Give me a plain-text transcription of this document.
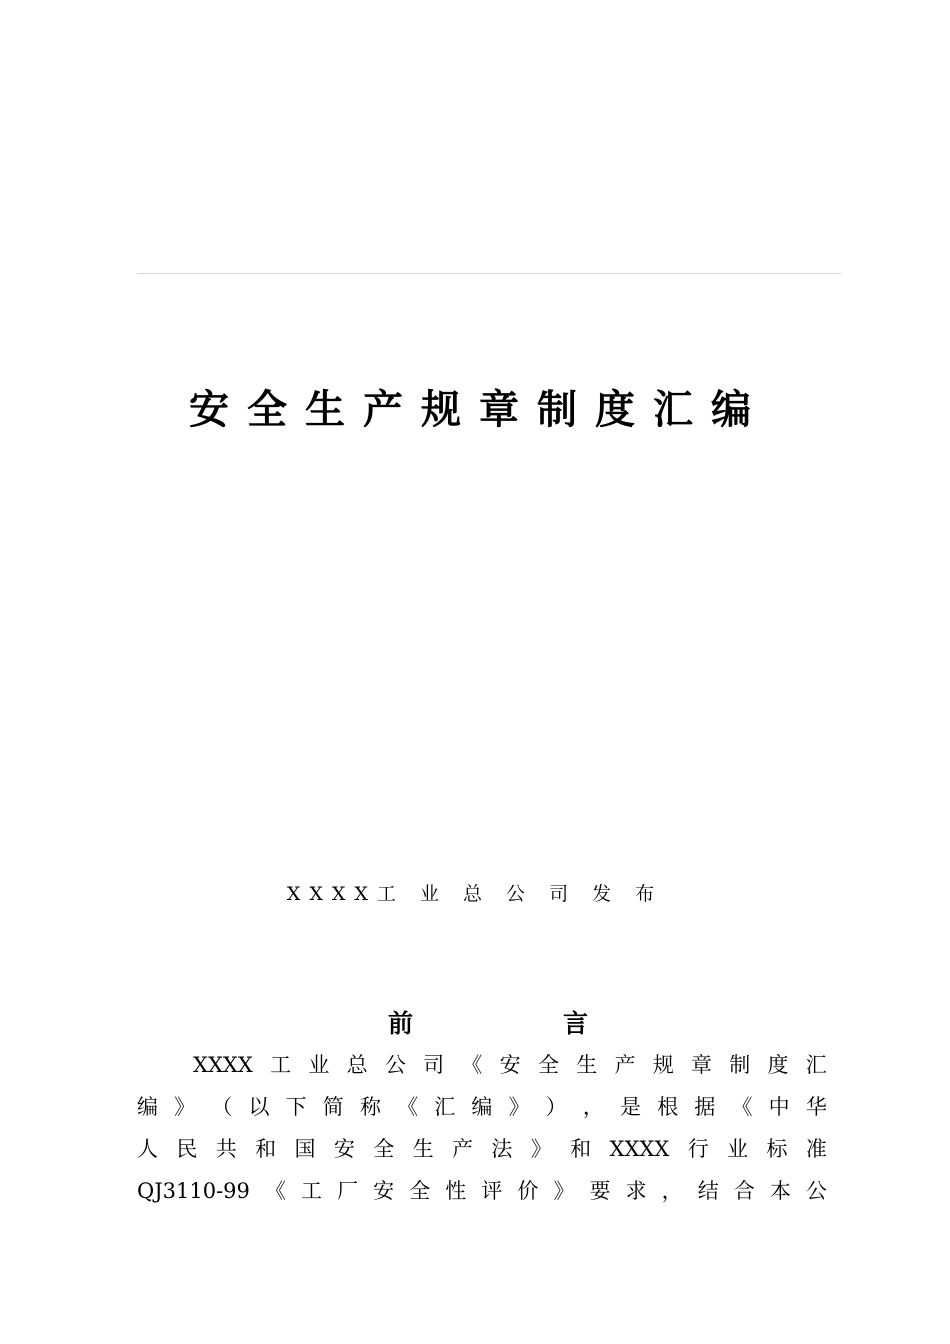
安全生产规章制度汇编
XXXX工 业 总 公 司 发 布
前	言
XXXX 工 业 总 公 司 《 安 全 生 产 规 章 制 度 汇
编 》 （ 以 下 简 称 《 汇 编 》 ） ， 是 根 据 《 中 华
人 民 共 和 国 安 全 生 产 法 》 和 XXXX 行 业 标 准
QJ3110-99 《 工 厂 安 全 性 评 价 》 要 求 ， 结 合 本 公
